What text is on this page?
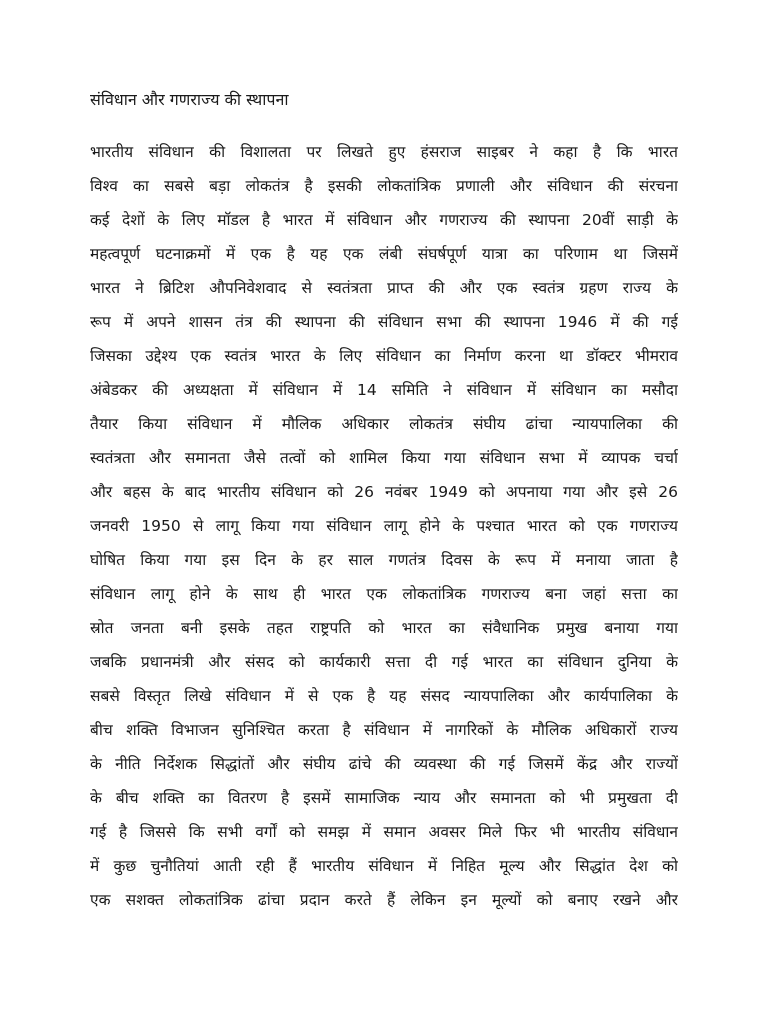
संविधान और गणराज्य की स्थापना
भारतीय संविधान की विशालता पर लिखते हुए हंसराज साइबर ने कहा है कि भारत
विश्व का सबसे बड़ा लोकतंत्र है इसकी लोकतांत्रिक प्रणाली और संविधान की संरचना
कई देशों के लिए मॉडल है भारत में संविधान और गणराज्य की स्थापना 20वीं साड़ी के
महत्वपूर्ण घटनाक्रमों में एक है यह एक लंबी संघर्षपूर्ण यात्रा का परिणाम था जिसमें
भारत ने ब्रिटिश औपनिवेशवाद से स्वतंत्रता प्राप्त की और एक स्वतंत्र ग्रहण राज्य के
रूप में अपने शासन तंत्र की स्थापना की संविधान सभा की स्थापना 1946 में की गई
जिसका उद्देश्य एक स्वतंत्र भारत के लिए संविधान का निर्माण करना था डॉक्टर भीमराव
अंबेडकर की अध्यक्षता में संविधान में 14 समिति ने संविधान में संविधान का मसौदा
तैयार किया संविधान में मौलिक अधिकार लोकतंत्र संघीय ढांचा न्यायपालिका की
स्वतंत्रता और समानता जैसे तत्वों को शामिल किया गया संविधान सभा में व्यापक चर्चा
और बहस के बाद भारतीय संविधान को 26 नवंबर 1949 को अपनाया गया और इसे 26
जनवरी 1950 से लागू किया गया संविधान लागू होने के पश्चात भारत को एक गणराज्य
घोषित किया गया इस दिन के हर साल गणतंत्र दिवस के रूप में मनाया जाता है
संविधान लागू होने के साथ ही भारत एक लोकतांत्रिक गणराज्य बना जहां सत्ता का
स्रोत जनता बनी इसके तहत राष्ट्रपति को भारत का संवैधानिक प्रमुख बनाया गया
जबकि प्रधानमंत्री और संसद को कार्यकारी सत्ता दी गई भारत का संविधान दुनिया के
सबसे विस्तृत लिखे संविधान में से एक है यह संसद न्यायपालिका और कार्यपालिका के
बीच शक्ति विभाजन सुनिश्चित करता है संविधान में नागरिकों के मौलिक अधिकारों राज्य
के नीति निर्देशक सिद्धांतों और संघीय ढांचे की व्यवस्था की गई जिसमें केंद्र और राज्यों
के बीच शक्ति का वितरण है इसमें सामाजिक न्याय और समानता को भी प्रमुखता दी
गई है जिससे कि सभी वर्गों को समझ में समान अवसर मिले फिर भी भारतीय संविधान
में कुछ चुनौतियां आती रही हैं भारतीय संविधान में निहित मूल्य और सिद्धांत देश को
एक सशक्त लोकतांत्रिक ढांचा प्रदान करते हैं लेकिन इन मूल्यों को बनाए रखने और
